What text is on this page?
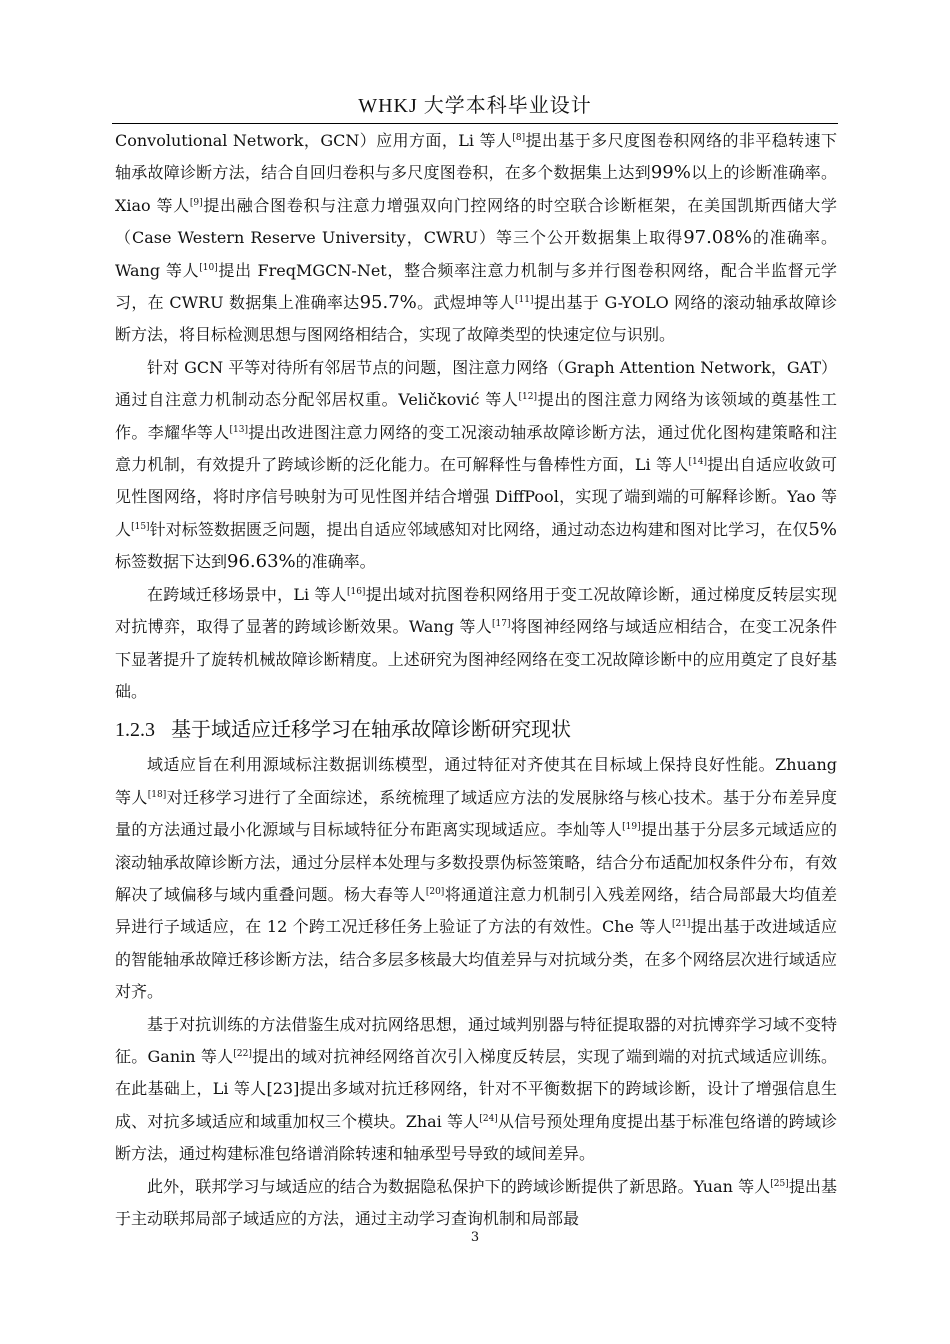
WHKJ 大学本科毕业设计

Convolutional Network，GCN）应用方面，Li 等人[8]提出基于多尺度图卷积网络的非平稳转速下轴承故障诊断方法，结合自回归卷积与多尺度图卷积，在多个数据集上达到99%以上的诊断准确率。Xiao 等人[9]提出融合图卷积与注意力增强双向门控网络的时空联合诊断框架，在美国凯斯西储大学（Case Western Reserve University，CWRU）等三个公开数据集上取得97.08%的准确率。Wang 等人[10]提出 FreqMGCN-Net，整合频率注意力机制与多并行图卷积网络，配合半监督元学习，在 CWRU 数据集上准确率达95.7%。武煜坤等人[11]提出基于 G-YOLO 网络的滚动轴承故障诊断方法，将目标检测思想与图网络相结合，实现了故障类型的快速定位与识别。

针对 GCN 平等对待所有邻居节点的问题，图注意力网络（Graph Attention Network，GAT）通过自注意力机制动态分配邻居权重。Veličković 等人[12]提出的图注意力网络为该领域的奠基性工作。李耀华等人[13]提出改进图注意力网络的变工况滚动轴承故障诊断方法，通过优化图构建策略和注意力机制，有效提升了跨域诊断的泛化能力。在可解释性与鲁棒性方面，Li 等人[14]提出自适应收敛可见性图网络，将时序信号映射为可见性图并结合增强 DiffPool，实现了端到端的可解释诊断。Yao 等人[15]针对标签数据匮乏问题，提出自适应邻域感知对比网络，通过动态边构建和图对比学习，在仅5%标签数据下达到96.63%的准确率。

在跨域迁移场景中，Li 等人[16]提出域对抗图卷积网络用于变工况故障诊断，通过梯度反转层实现对抗博弈，取得了显著的跨域诊断效果。Wang 等人[17]将图神经网络与域适应相结合，在变工况条件下显著提升了旋转机械故障诊断精度。上述研究为图神经网络在变工况故障诊断中的应用奠定了良好基础。

1.2.3 基于域适应迁移学习在轴承故障诊断研究现状

域适应旨在利用源域标注数据训练模型，通过特征对齐使其在目标域上保持良好性能。Zhuang 等人[18]对迁移学习进行了全面综述，系统梳理了域适应方法的发展脉络与核心技术。基于分布差异度量的方法通过最小化源域与目标域特征分布距离实现域适应。李灿等人[19]提出基于分层多元域适应的滚动轴承故障诊断方法，通过分层样本处理与多数投票伪标签策略，结合分布适配加权条件分布，有效解决了域偏移与域内重叠问题。杨大春等人[20]将通道注意力机制引入残差网络，结合局部最大均值差异进行子域适应，在 12 个跨工况迁移任务上验证了方法的有效性。Che 等人[21]提出基于改进域适应的智能轴承故障迁移诊断方法，结合多层多核最大均值差异与对抗域分类，在多个网络层次进行域适应对齐。

基于对抗训练的方法借鉴生成对抗网络思想，通过域判别器与特征提取器的对抗博弈学习域不变特征。Ganin 等人[22]提出的域对抗神经网络首次引入梯度反转层，实现了端到端的对抗式域适应训练。在此基础上，Li 等人[23]提出多域对抗迁移网络，针对不平衡数据下的跨域诊断，设计了增强信息生成、对抗多域适应和域重加权三个模块。Zhai 等人[24]从信号预处理角度提出基于标准包络谱的跨域诊断方法，通过构建标准包络谱消除转速和轴承型号导致的域间差异。

此外，联邦学习与域适应的结合为数据隐私保护下的跨域诊断提供了新思路。Yuan 等人[25]提出基于主动联邦局部子域适应的方法，通过主动学习查询机制和局部最

3
